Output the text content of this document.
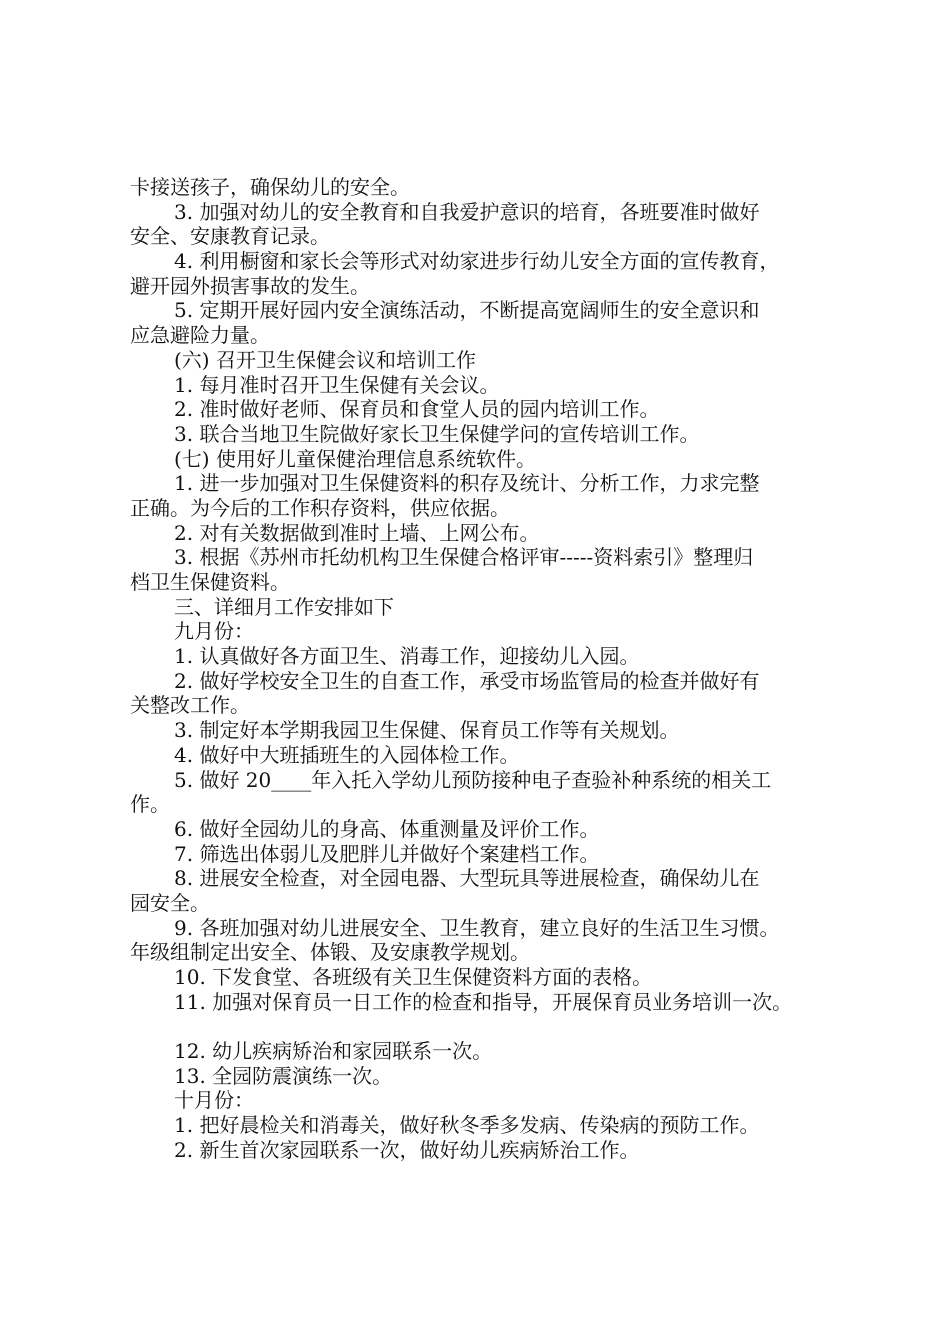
卡接送孩子，确保幼儿的安全。
3. 加强对幼儿的安全教育和自我爱护意识的培育，各班要准时做好
安全、安康教育记录。
4. 利用橱窗和家长会等形式对幼家进步行幼儿安全方面的宣传教育，
避开园外损害事故的发生。
5. 定期开展好园内安全演练活动，不断提高宽阔师生的安全意识和
应急避险力量。
(六) 召开卫生保健会议和培训工作
1. 每月准时召开卫生保健有关会议。
2. 准时做好老师、保育员和食堂人员的园内培训工作。
3. 联合当地卫生院做好家长卫生保健学问的宣传培训工作。
(七) 使用好儿童保健治理信息系统软件。
1. 进一步加强对卫生保健资料的积存及统计、分析工作，力求完整
正确。为今后的工作积存资料，供应依据。
2. 对有关数据做到准时上墙、上网公布。
3. 根据《苏州市托幼机构卫生保健合格评审-----资料索引》整理归
档卫生保健资料。
三、详细月工作安排如下
九月份：
1. 认真做好各方面卫生、消毒工作，迎接幼儿入园。
2. 做好学校安全卫生的自查工作，承受市场监管局的检查并做好有
关整改工作。
3. 制定好本学期我园卫生保健、保育员工作等有关规划。
4. 做好中大班插班生的入园体检工作。
5. 做好 20____年入托入学幼儿预防接种电子查验补种系统的相关工
作。
6. 做好全园幼儿的身高、体重测量及评价工作。
7. 筛选出体弱儿及肥胖儿并做好个案建档工作。
8. 进展安全检查，对全园电器、大型玩具等进展检查，确保幼儿在
园安全。
9. 各班加强对幼儿进展安全、卫生教育，建立良好的生活卫生习惯。
年级组制定出安全、体锻、及安康教学规划。
10. 下发食堂、各班级有关卫生保健资料方面的表格。
11. 加强对保育员一日工作的检查和指导，开展保育员业务培训一次。
12. 幼儿疾病矫治和家园联系一次。
13. 全园防震演练一次。
十月份：
1. 把好晨检关和消毒关，做好秋冬季多发病、传染病的预防工作。
2. 新生首次家园联系一次，做好幼儿疾病矫治工作。
